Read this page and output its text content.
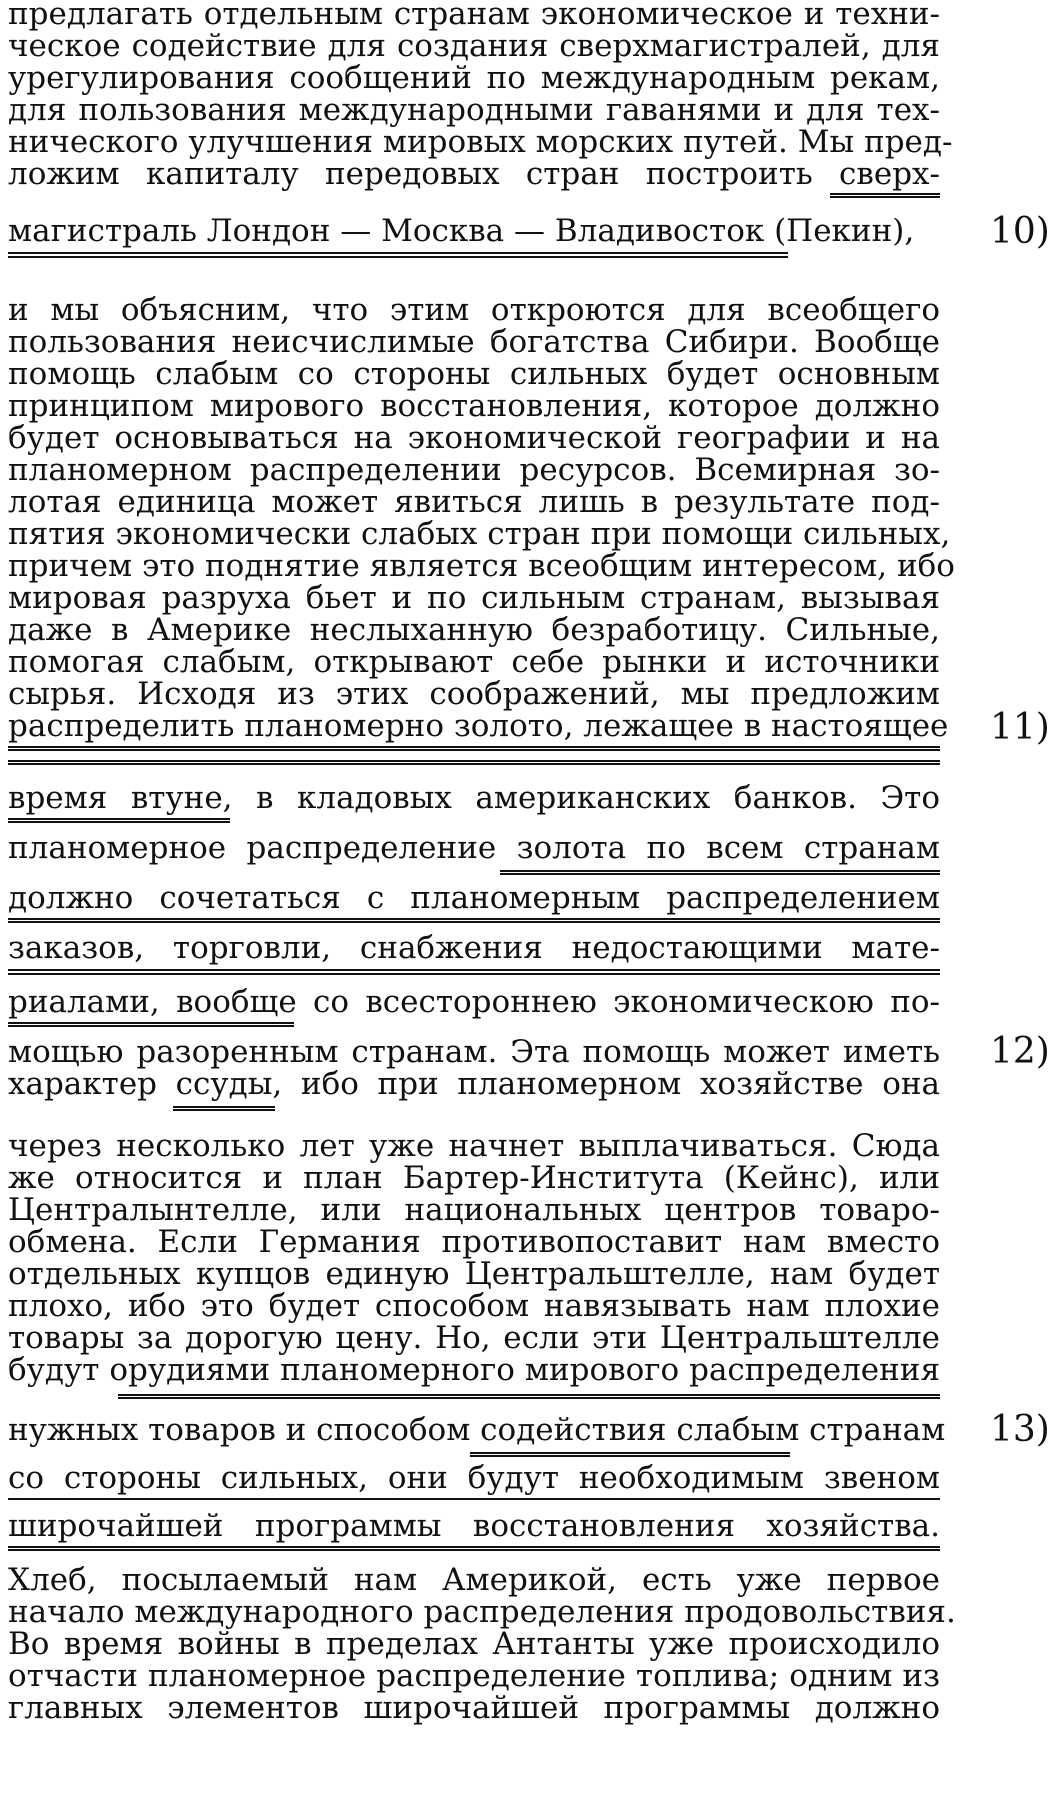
предлагать отдельным странам экономическое и техни-
ческое содействие для создания сверхмагистралей, для
урегулирования сообщений по международным рекам,
для пользования международными гаванями и для тех-
нического улучшения мировых морских путей. Мы пред-
ложим капиталу передовых стран построить сверх-
магистраль Лондон — Москва — Владивосток (Пекин), 10)
и мы объясним, что этим откроются для всеобщего
пользования неисчислимые богатства Сибири. Вообще
помощь слабым со стороны сильных будет основным
принципом мирового восстановления, которое должно
будет основываться на экономической географии и на
планомерном распределении ресурсов. Всемирная зо-
лотая единица может явиться лишь в результате под-
пятия экономически слабых стран при помощи сильных,
причем это поднятие является всеобщим интересом, ибо
мировая разруха бьет и по сильным странам, вызывая
даже в Америке неслыханную безработицу. Сильные,
помогая слабым, открывают себе рынки и источники
сырья. Исходя из этих соображений, мы предложим
распределить планомерно золото, лежащее в настоящее 11)
время втуне, в кладовых американских банков. Это
планомерное распределение золота по всем странам
должно сочетаться с планомерным распределением
заказов, торговли, снабжения недостающими мате-
риалами, вообще со всестороннею экономическою по-
мощью разоренным странам. Эта помощь может иметь 12)
характер ссуды, ибо при планомерном хозяйстве она
через несколько лет уже начнет выплачиваться. Сюда
же относится и план Бартер-Института (Кейнс), или
Централынтелле, или национальных центров товаро-
обмена. Если Германия противопоставит нам вместо
отдельных купцов единую Центральштелле, нам будет
плохо, ибо это будет способом навязывать нам плохие
товары за дорогую цену. Но, если эти Центральштелле
будут орудиями планомерного мирового распределения
нужных товаров и способом содействия слабым странам 13)
со стороны сильных, они будут необходимым звеном
широчайшей программы восстановления хозяйства.
Хлеб, посылаемый нам Америкой, есть уже первое
начало международного распределения продовольствия.
Во время войны в пределах Антанты уже происходило
отчасти планомерное распределение топлива; одним из
главных элементов широчайшей программы должно
